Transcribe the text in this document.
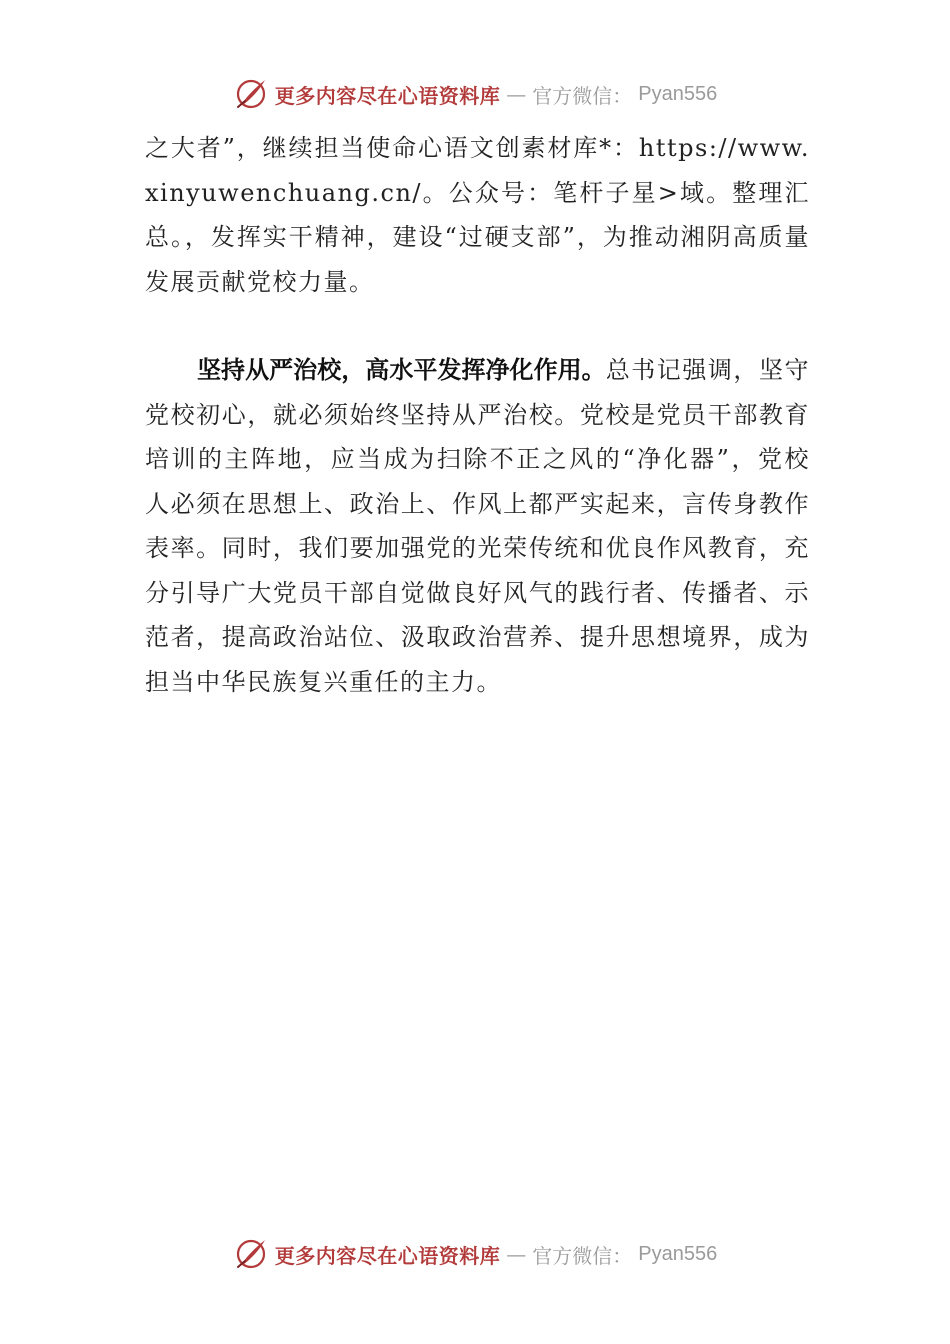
更多内容尽在心语资料库 — 官方微信： Pyan556

之大者”，继续担当使命心语文创素材库*：https://www.xinyuwenchuang.cn/。公众号：笔杆子星>域。整理汇总。，发挥实干精神，建设“过硬支部”，为推动湘阴高质量发展贡献党校力量。

坚持从严治校，高水平发挥净化作用。总书记强调，坚守党校初心，就必须始终坚持从严治校。党校是党员干部教育培训的主阵地，应当成为扫除不正之风的“净化器”，党校人必须在思想上、政治上、作风上都严实起来，言传身教作表率。同时，我们要加强党的光荣传统和优良作风教育，充分引导广大党员干部自觉做良好风气的践行者、传播者、示范者，提高政治站位、汲取政治营养、提升思想境界，成为担当中华民族复兴重任的主力。

更多内容尽在心语资料库 — 官方微信： Pyan556
